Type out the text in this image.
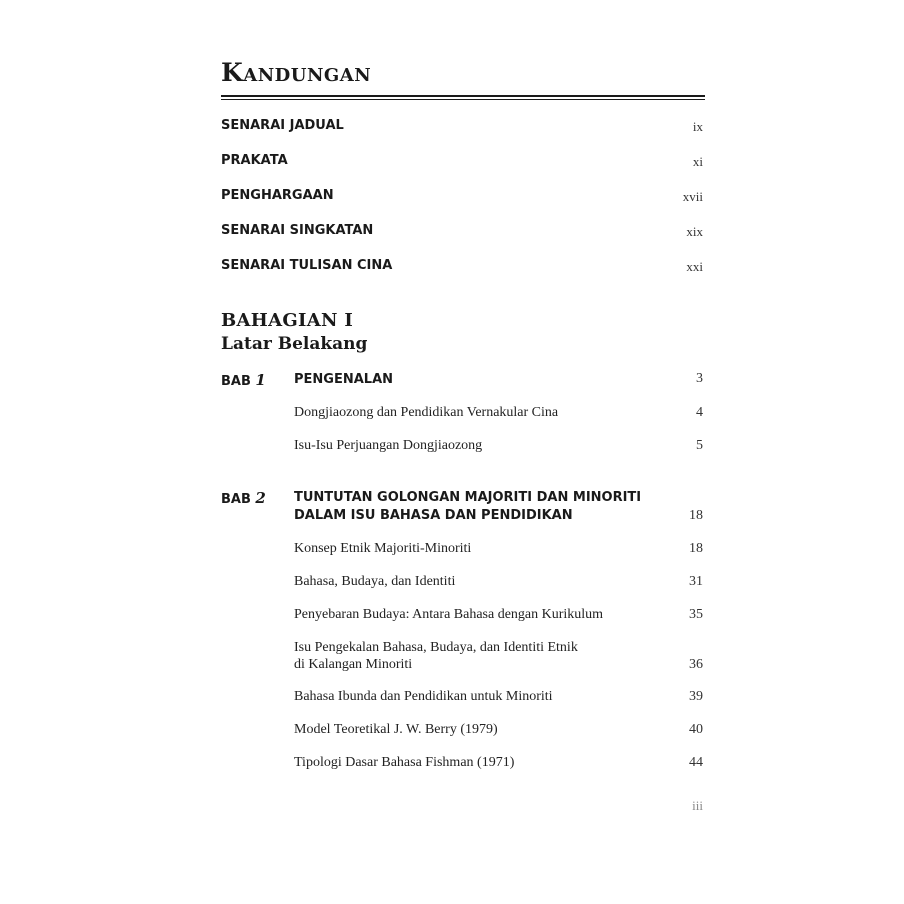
Kandungan
SENARAI JADUAL	ix
PRAKATA	xi
PENGHARGAAN	xvii
SENARAI SINGKATAN	xix
SENARAI TULISAN CINA	xxi
BAHAGIAN I
Latar Belakang
BAB 1 PENGENALAN	3
Dongjiaozong dan Pendidikan Vernakular Cina	4
Isu-Isu Perjuangan Dongjiaozong	5
BAB 2 TUNTUTAN GOLONGAN MAJORITI DAN MINORITI
DALAM ISU BAHASA DAN PENDIDIKAN	18
Konsep Etnik Majoriti-Minoriti	18
Bahasa, Budaya, dan Identiti	31
Penyebaran Budaya: Antara Bahasa dengan Kurikulum	35
Isu Pengekalan Bahasa, Budaya, dan Identiti Etnik
di Kalangan Minoriti	36
Bahasa Ibunda dan Pendidikan untuk Minoriti	39
Model Teoretikal J. W. Berry (1979)	40
Tipologi Dasar Bahasa Fishman (1971)	44
iii
